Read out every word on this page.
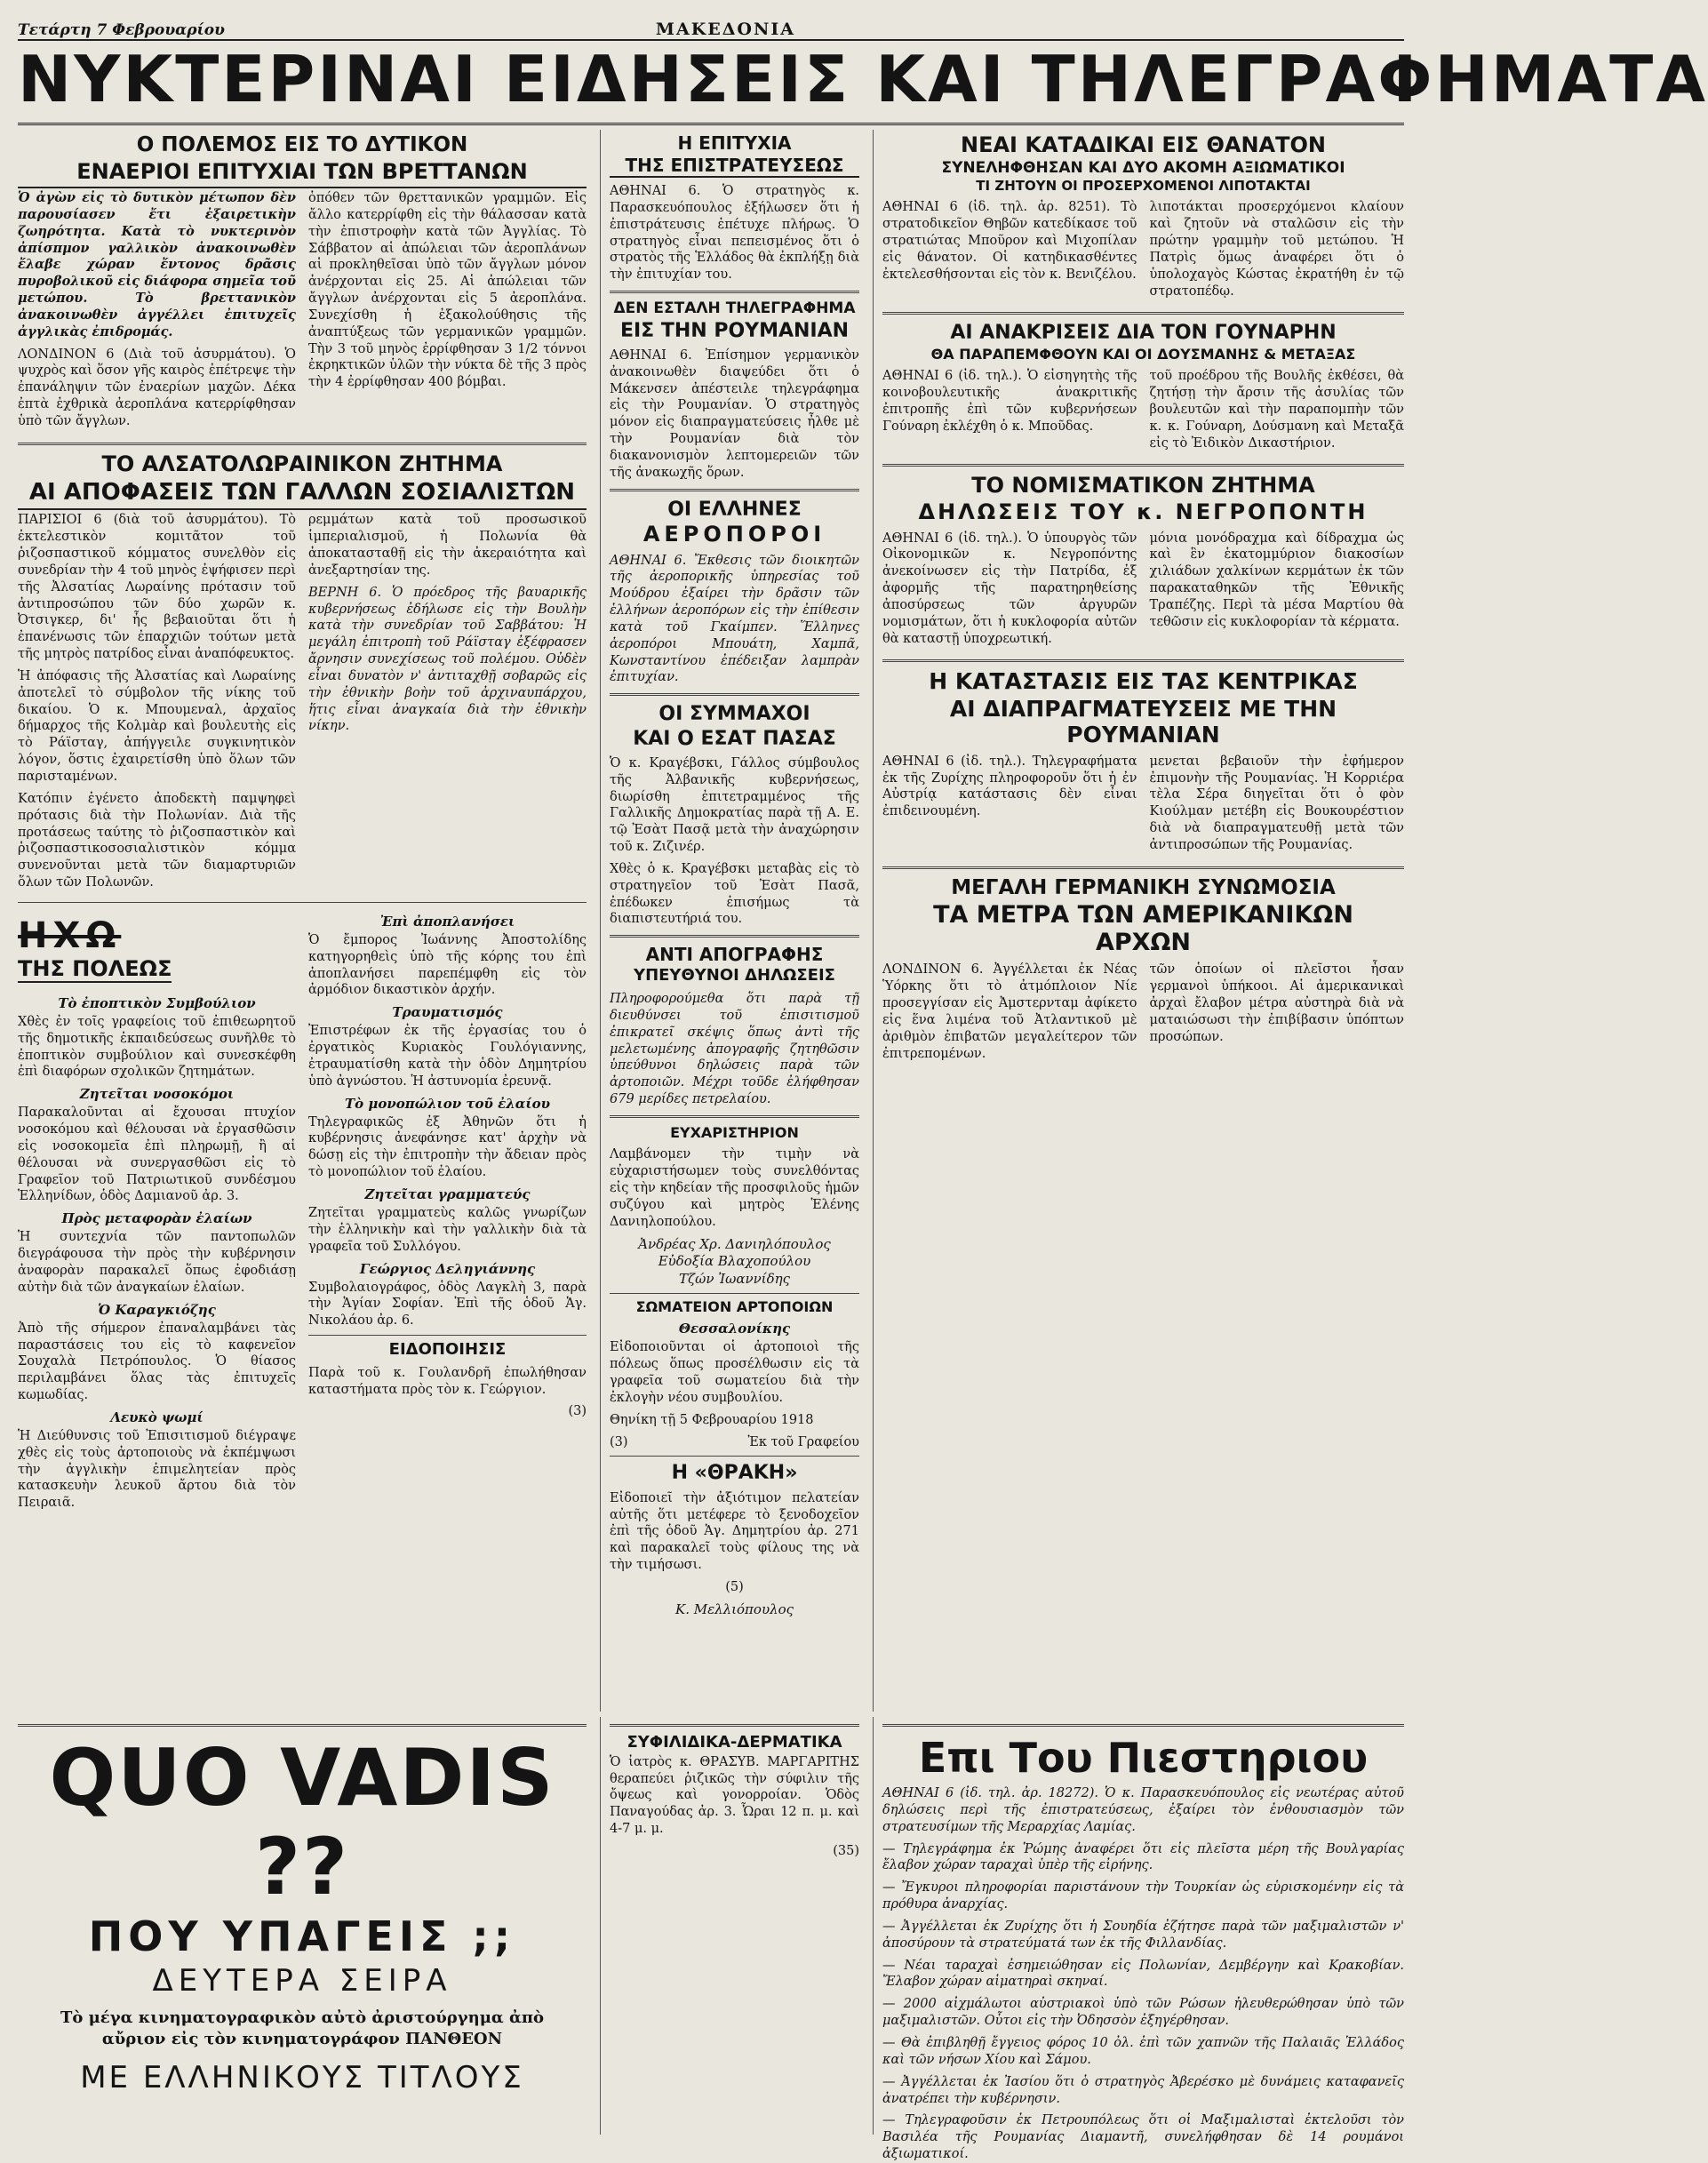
Τετάρτη 7 Φεβρουαρίου	ΜΑΚΕΔΟΝΙΑ
ΝΥΚΤΕΡΙΝΑΙ ΕΙΔΗΣΕΙΣ ΚΑΙ ΤΗΛΕΓΡΑΦΗΜΑΤΑ
Ο ΠΟΛΕΜΟΣ ΕΙΣ ΤΟ ΔΥΤΙΚΟΝ
ΕΝΑΕΡΙΟΙ ΕΠΙΤΥΧΙΑΙ ΤΩΝ ΒΡΕΤΤΑΝΩΝ

Ὁ ἀγὼν εἰς τὸ δυτικὸν μέτωπον δὲν παρουσίασεν ἔτι ἐξαιρετικὴν ζωηρότητα. Κατὰ τὸ νυκτερινὸν ἀπίσπμον γαλλικὸν ἀνακοινωθὲν ἔλαβε χώραν ἔντονος δρᾶσις πυροβολικοῦ εἰς διάφορα σημεῖα τοῦ μετώπου. Τὸ βρεττανικὸν ἀνακοινωθὲν ἀγγέλλει ἐπιτυχεῖς ἀγγλικὰς ἐπιδρομάς.

ΛΟΝΔΙΝΟΝ 6 (Διὰ τοῦ ἀσυρμάτου). Ὁ ψυχρὸς καὶ ὅσον γῆς καιρὸς ἐπέτρεψε τὴν ἐπανάληψιν τῶν ἐναερίων μαχῶν. Δέκα ἐπτὰ ἐχθρικὰ ἀεροπλάνα κατερρίφθησαν ὑπὸ τῶν ἄγγλων.

ὁπόθεν τῶν θρεττανικῶν γραμμῶν. Εἰς ἄλλο κατερρίφθη εἰς τὴν θάλασσαν κατὰ τὴν ἐπιστροφὴν κατὰ τῶν Ἀγγλίας. Τὸ Σάββατον αἱ ἀπώλειαι τῶν ἀεροπλάνων αἱ προκληθεῖσαι ὑπὸ τῶν ἄγγλων μόνον ἀνέρχονται εἰς 25. Αἱ ἀπώλειαι τῶν ἄγγλων ἀνέρχονται εἰς 5 ἀεροπλάνα. Συνεχίσθη ἡ ἐξακολούθησις τῆς ἀναπτύξεως τῶν γερμανικῶν γραμμῶν. Τὴν 3 τοῦ μηνὸς ἐρρίφθησαν 3 1/2 τόννοι ἐκρηκτικῶν ὑλῶν τὴν νύκτα δὲ τῆς 3 πρὸς τὴν 4 ἐρρίφθησαν 400 βόμβαι.

ΤΟ ΑΛΣΑΤΟΛΩΡΑΙΝΙΚΟΝ ΖΗΤΗΜΑ
ΑΙ ΑΠΟΦΑΣΕΙΣ ΤΩΝ ΓΑΛΛΩΝ ΣΟΣΙΑΛΙΣΤΩΝ

ΠΑΡΙΣΙΟΙ 6 (διὰ τοῦ ἀσυρμάτου). Τὸ ἐκτελεστικὸν κομιτᾶτον τοῦ ῥιζοσπαστικοῦ κόμματος συνελθὸν εἰς συνεδρίαν τὴν 4 τοῦ μηνὸς ἐψήφισεν περὶ τῆς Ἀλσατίας Λωραίνης πρότασιν τοῦ ἀντιπροσώπου τῶν δύο χωρῶν κ. Ὀτσιγκερ, δι' ἧς βεβαιοῦται ὅτι ἡ ἐπανένωσις τῶν ἐπαρχιῶν τούτων μετὰ τῆς μητρὸς πατρίδος εἶναι ἀναπόφευκτος.

Ἡ ἀπόφασις τῆς Ἀλσατίας καὶ Λωραίνης ἀποτελεῖ τὸ σύμβολον τῆς νίκης τοῦ δικαίου. Ὁ κ. Μπουμεναλ, ἀρχαῖος δήμαρχος τῆς Κολμὰρ καὶ βουλευτὴς εἰς τὸ Ράϊσταγ, ἀπήγγειλε συγκινητικὸν λόγον, ὅστις ἐχαιρετίσθη ὑπὸ ὅλων τῶν παρισταμένων.

Κατόπιν ἐγένετο ἀποδεκτὴ παμψηφεὶ πρότασις διὰ τὴν Πολωνίαν. Διὰ τῆς προτάσεως ταύτης τὸ ῥιζοσπαστικὸν καὶ ῥιζοσπαστικοσοσιαλιστικὸν κόμμα συνενοῦνται μετὰ τῶν διαμαρτυριῶν ὅλων τῶν Πολωνῶν.

ρεμμάτων κατὰ τοῦ προσωσικοῦ ἱμπεριαλισμοῦ, ἡ Πολωνία θὰ ἀποκατασταθῇ εἰς τὴν ἀκεραιότητα καὶ ἀνεξαρτησίαν της.

ΒΕΡΝΗ 6. Ὁ πρόεδρος τῆς βαυαρικῆς κυβερνήσεως ἐδήλωσε εἰς τὴν Βουλὴν κατὰ τὴν συνεδρίαν τοῦ Σαββάτου: Ἡ μεγάλη ἐπιτροπὴ τοῦ Ράϊσταγ ἐξέφρασεν ἄρνησιν συνεχίσεως τοῦ πολέμου. Οὐδὲν εἶναι δυνατὸν ν' ἀντιταχθῇ σοβαρῶς εἰς τὴν ἐθνικὴν βοὴν τοῦ ἀρχιναυπάρχου, ἥτις εἶναι ἀναγκαία διὰ τὴν ἐθνικὴν νίκην.

ΗΧΩ
ΤΗΣ ΠΟΛΕΩΣ
Τὸ ἐποπτικὸν Συμβούλιον

Χθὲς ἐν τοῖς γραφείοις τοῦ ἐπιθεωρητοῦ τῆς δημοτικῆς ἐκπαιδεύσεως συνῆλθε τὸ ἐποπτικὸν συμβούλιον καὶ συνεσκέφθη ἐπὶ διαφόρων σχολικῶν ζητημάτων.

Ζητεῖται νοσοκόμοι

Παρακαλοῦνται αἱ ἔχουσαι πτυχίον νοσοκόμου καὶ θέλουσαι νὰ ἐργασθῶσιν εἰς νοσοκομεῖα ἐπὶ πληρωμῇ, ἢ αἱ θέλουσαι νὰ συνεργασθῶσι εἰς τὸ Γραφεῖον τοῦ Πατριωτικοῦ συνδέσμου Ἑλληνίδων, ὁδὸς Δαμιανοῦ ἀρ. 3.

Πρὸς μεταφορὰν ἐλαίων

Ἡ συντεχνία τῶν παντοπωλῶν διεγράφουσα τὴν πρὸς τὴν κυβέρνησιν ἀναφορὰν παρακαλεῖ ὅπως ἐφοδιάσῃ αὐτὴν διὰ τῶν ἀναγκαίων ἐλαίων.

Ὁ Καραγκιόζης

Ἀπὸ τῆς σήμερον ἐπαναλαμβάνει τὰς παραστάσεις του εἰς τὸ καφενεῖον Σουχαλὰ Πετρόπουλος. Ὁ θίασος περιλαμβάνει ὅλας τὰς ἐπιτυχεῖς κωμωδίας.

Λευκὸ ψωμί

Ἡ Διεύθυνσις τοῦ Ἐπισιτισμοῦ διέγραψε χθὲς εἰς τοὺς ἀρτοποιοὺς νὰ ἐκπέμψωσι τὴν ἀγγλικὴν ἐπιμελητείαν πρὸς κατασκευὴν λευκοῦ ἄρτου διὰ τὸν Πειραιᾶ.

Ἐπὶ ἀποπλανήσει

Ὁ ἔμπορος Ἰωάννης Ἀποστολίδης κατηγορηθεὶς ὑπὸ τῆς κόρης του ἐπὶ ἀποπλανήσει παρεπέμφθη εἰς τὸν ἀρμόδιον δικαστικὸν ἀρχήν.

Τραυματισμός

Ἐπιστρέφων ἐκ τῆς ἐργασίας του ὁ ἐργατικὸς Κυριακὸς Γουλόγιαννης, ἐτραυματίσθη κατὰ τὴν ὁδὸν Δημητρίου ὑπὸ ἀγνώστου. Ἡ ἀστυνομία ἐρευνᾷ.

Τὸ μονοπώλιον τοῦ ἐλαίου

Τηλεγραφικῶς ἐξ Ἀθηνῶν ὅτι ἡ κυβέρνησις ἀνεφάνησε κατ' ἀρχὴν νὰ δώσῃ εἰς τὴν ἐπιτροπὴν τὴν ἄδειαν πρὸς τὸ μονοπώλιον τοῦ ἐλαίου.

Ζητεῖται γραμματεύς

Ζητεῖται γραμματεὺς καλῶς γνωρίζων τὴν ἑλληνικὴν καὶ τὴν γαλλικὴν διὰ τὰ γραφεῖα τοῦ Συλλόγου.

Γεώργιος Δεληγιάννης

Συμβολαιογράφος, ὁδὸς Λαγκλὴ 3, παρὰ τὴν Ἁγίαν Σοφίαν. Ἐπὶ τῆς ὁδοῦ Ἁγ. Νικολάου ἀρ. 6.

ΕΙΔΟΠΟΙΗΣΙΣ

Παρὰ τοῦ κ. Γουλανδρῆ ἐπωλήθησαν καταστήματα πρὸς τὸν κ. Γεώργιον.

(3)

Η ΕΠΙΤΥΧΙΑ
ΤΗΣ ΕΠΙΣΤΡΑΤΕΥΣΕΩΣ

ΑΘΗΝΑΙ 6. Ὁ στρατηγὸς κ. Παρασκευόπουλος ἐξήλωσεν ὅτι ἡ ἐπιστράτευσις ἐπέτυχε πλήρως. Ὁ στρατηγὸς εἶναι πεπεισμένος ὅτι ὁ στρατὸς τῆς Ἑλλάδος θὰ ἐκπλήξῃ διὰ τὴν ἐπιτυχίαν του.

ΔΕΝ ΕΣΤΑΛΗ ΤΗΛΕΓΡΑΦΗΜΑ
ΕΙΣ ΤΗΝ ΡΟΥΜΑΝΙΑΝ

ΑΘΗΝΑΙ 6. Ἐπίσημον γερμανικὸν ἀνακοινωθὲν διαψεύδει ὅτι ὁ Μάκενσεν ἀπέστειλε τηλεγράφημα εἰς τὴν Ρουμανίαν. Ὁ στρατηγὸς μόνον εἰς διαπραγματεύσεις ἦλθε μὲ τὴν Ρουμανίαν διὰ τὸν διακανονισμὸν λεπτομερειῶν τῶν τῆς ἀνακωχῆς ὅρων.

ΟΙ ΕΛΛΗΝΕΣ
ΑΕΡΟΠΟΡΟΙ

ΑΘΗΝΑΙ 6. Ἔκθεσις τῶν διοικητῶν τῆς ἀεροπορικῆς ὑπηρεσίας τοῦ Μούδρου ἐξαίρει τὴν δρᾶσιν τῶν ἑλλήνων ἀεροπόρων εἰς τὴν ἐπίθεσιν κατὰ τοῦ Γκαίμπεν. Ἕλληνες ἀεροπόροι Μπουάτη, Χαμπᾶ, Κωνσταντίνου ἐπέδειξαν λαμπρὰν ἐπιτυχίαν.

ΟΙ ΣΥΜΜΑΧΟΙ
ΚΑΙ Ο ΕΣΑΤ ΠΑΣΑΣ

Ὁ κ. Κραγέβσκι, Γάλλος σύμβουλος τῆς Ἀλβανικῆς κυβερνήσεως, διωρίσθη ἐπιτετραμμένος τῆς Γαλλικῆς Δημοκρατίας παρὰ τῇ Α. Ε. τῷ Ἐσὰτ Πασᾷ μετὰ τὴν ἀναχώρησιν τοῦ κ. Ζιζινέρ.

Χθὲς ὁ κ. Κραγέβσκι μεταβὰς εἰς τὸ στρατηγεῖον τοῦ Ἐσὰτ Πασᾶ, ἐπέδωκεν ἐπισήμως τὰ διαπιστευτήριά του.

ΑΝΤΙ ΑΠΟΓΡΑΦΗΣ
ΥΠΕΥΘΥΝΟΙ ΔΗΛΩΣΕΙΣ

Πληροφορούμεθα ὅτι παρὰ τῇ διευθύνσει τοῦ ἐπισιτισμοῦ ἐπικρατεῖ σκέψις ὅπως ἀντὶ τῆς μελετωμένης ἀπογραφῆς ζητηθῶσιν ὑπεύθυνοι δηλώσεις παρὰ τῶν ἀρτοποιῶν. Μέχρι τοῦδε ἐλήφθησαν 679 μερίδες πετρελαίου.

ΕΥΧΑΡΙΣΤΗΡΙΟΝ

Λαμβάνομεν τὴν τιμὴν νὰ εὐχαριστήσωμεν τοὺς συνελθόντας εἰς τὴν κηδείαν τῆς προσφιλοῦς ἡμῶν συζύγου καὶ μητρὸς Ἑλένης Δανιηλοπούλου.

Ἀνδρέας Χρ. Δανιηλόπουλος

Εὐδοξία Βλαχοπούλου

Τζών Ἰωαννίδης

ΣΩΜΑΤΕΙΟΝ ΑΡΤΟΠΟΙΩΝ
Θεσσαλονίκης

Εἰδοποιοῦνται οἱ ἀρτοποιοὶ τῆς πόλεως ὅπως προσέλθωσιν εἰς τὰ γραφεῖα τοῦ σωματείου διὰ τὴν ἐκλογὴν νέου συμβουλίου.

Θηνίκη τῇ 5 Φεβρουαρίου 1918

(3)	Ἐκ τοῦ Γραφείου

Η «ΘΡΑΚΗ»

Εἰδοποιεῖ τὴν ἀξιότιμον πελατείαν αὐτῆς ὅτι μετέφερε τὸ ξενοδοχεῖον ἐπὶ τῆς ὁδοῦ Ἁγ. Δημητρίου ἀρ. 271 καὶ παρακαλεῖ τοὺς φίλους της νὰ τὴν τιμήσωσι.

(5)

Κ. Μελλιόπουλος

ΝΕΑΙ ΚΑΤΑΔΙΚΑΙ ΕΙΣ ΘΑΝΑΤΟΝ
ΣΥΝΕΛΗΦΘΗΣΑΝ ΚΑΙ ΔΥΟ ΑΚΟΜΗ ΑΞΙΩΜΑΤΙΚΟΙ
ΤΙ ΖΗΤΟΥΝ ΟΙ ΠΡΟΣΕΡΧΟΜΕΝΟΙ ΛΙΠΟΤΑΚΤΑΙ

ΑΘΗΝΑΙ 6 (ἰδ. τηλ. ἀρ. 8251). Τὸ στρατοδικεῖον Θηβῶν κατεδίκασε τοῦ στρατιώτας Μποῦρον καὶ Μιχοπίλαν εἰς θάνατον. Οἱ κατηδικασθέντες ἐκτελεσθήσονται εἰς τὸν κ. Βενιζέλου.

λιποτάκται προσερχόμενοι κλαίουν καὶ ζητοῦν νὰ σταλῶσιν εἰς τὴν πρώτην γραμμὴν τοῦ μετώπου. Ἡ Πατρὶς ὅμως ἀναφέρει ὅτι ὁ ὑπολοχαγὸς Κώστας ἐκρατήθη ἐν τῷ στρατοπέδῳ.

ΑΙ ΑΝΑΚΡΙΣΕΙΣ ΔΙΑ ΤΟΝ ΓΟΥΝΑΡΗΝ
ΘΑ ΠΑΡΑΠΕΜΦΘΟΥΝ ΚΑΙ ΟΙ ΔΟΥΣΜΑΝΗΣ & ΜΕΤΑΞΑΣ

ΑΘΗΝΑΙ 6 (ἰδ. τηλ.). Ὁ εἰσηγητὴς τῆς κοινοβουλευτικῆς ἀνακριτικῆς ἐπιτροπῆς ἐπὶ τῶν κυβερνήσεων Γούναρη ἐκλέχθη ὁ κ. Μποῦδας.

τοῦ προέδρου τῆς Βουλῆς ἐκθέσει, θὰ ζητήσῃ τὴν ἄρσιν τῆς ἀσυλίας τῶν βουλευτῶν καὶ τὴν παραπομπὴν τῶν κ. κ. Γούναρη, Δούσμανη καὶ Μεταξᾶ εἰς τὸ Ἐιδικὸν Δικαστήριον.

ΤΟ ΝΟΜΙΣΜΑΤΙΚΟΝ ΖΗΤΗΜΑ
ΔΗΛΩΣΕΙΣ ΤΟΥ κ. ΝΕΓΡΟΠΟΝΤΗ

ΑΘΗΝΑΙ 6 (ἰδ. τηλ.). Ὁ ὑπουργὸς τῶν Οἰκονομικῶν κ. Νεγροπόντης ἀνεκοίνωσεν εἰς τὴν Πατρίδα, ἐξ ἀφορμῆς τῆς παρατηρηθείσης ἀποσύρσεως τῶν ἀργυρῶν νομισμάτων, ὅτι ἡ κυκλοφορία αὐτῶν θὰ καταστῇ ὑποχρεωτική.

μόνια μονόδραχμα καὶ δίδραχμα ὡς καὶ ἓν ἑκατομμύριον διακοσίων χιλιάδων χαλκίνων κερμάτων ἐκ τῶν παρακαταθηκῶν τῆς Ἐθνικῆς Τραπέζης. Περὶ τὰ μέσα Μαρτίου θὰ τεθῶσιν εἰς κυκλοφορίαν τὰ κέρματα.

Η ΚΑΤΑΣΤΑΣΙΣ ΕΙΣ ΤΑΣ ΚΕΝΤΡΙΚΑΣ
ΑΙ ΔΙΑΠΡΑΓΜΑΤΕΥΣΕΙΣ ΜΕ ΤΗΝ ΡΟΥΜΑΝΙΑΝ

ΑΘΗΝΑΙ 6 (ἰδ. τηλ.). Τηλεγραφήματα ἐκ τῆς Ζυρίχης πληροφοροῦν ὅτι ἡ ἐν Αὐστρίᾳ κατάστασις δὲν εἶναι ἐπιδεινουμένη.

μενεται βεβαιοῦν τὴν ἐφήμερον ἐπιμονὴν τῆς Ρουμανίας. Ἡ Κορριέρα τὲλα Σέρα διηγεῖται ὅτι ὁ φὸν Κιούλμαν μετέβη εἰς Βουκουρέστιον διὰ νὰ διαπραγματευθῇ μετὰ τῶν ἀντιπροσώπων τῆς Ρουμανίας.

ΜΕΓΑΛΗ ΓΕΡΜΑΝΙΚΗ ΣΥΝΩΜΟΣΙΑ
ΤΑ ΜΕΤΡΑ ΤΩΝ ΑΜΕΡΙΚΑΝΙΚΩΝ ΑΡΧΩΝ

ΛΟΝΔΙΝΟΝ 6. Ἀγγέλλεται ἐκ Νέας Ὑόρκης ὅτι τὸ ἀτμόπλοιον Νίε προσεγγίσαν εἰς Ἀμστερνταμ ἀφίκετο εἰς ἕνα λιμένα τοῦ Ἀτλαντικοῦ μὲ ἀριθμὸν ἐπιβατῶν μεγαλείτερον τῶν ἐπιτρεπομένων.

τῶν ὁποίων οἱ πλεῖστοι ἦσαν γερμανοὶ ὑπήκοοι. Αἱ ἀμερικανικαὶ ἀρχαὶ ἔλαβον μέτρα αὐστηρὰ διὰ νὰ ματαιώσωσι τὴν ἐπιβίβασιν ὑπόπτων προσώπων.

QUO VADIS ??
ΠΟΥ ΥΠΑΓΕΙΣ ;;
ΔΕΥΤΕΡΑ ΣΕΙΡΑ
Τὸ μέγα κινηματογραφικὸν αὐτὸ ἀριστούργημα ἀπὸ αὔριον εἰς τὸν κινηματογράφον ΠΑΝΘΕΟΝ
ΜΕ ΕΛΛΗΝΙΚΟΥΣ ΤΙΤΛΟΥΣ
ΣΥΦΙΛΙΔΙΚΑ-ΔΕΡΜΑΤΙΚΑ

Ὁ ἰατρὸς κ. ΘΡΑΣΥΒ. ΜΑΡΓΑΡΙΤΗΣ θεραπεύει ῥιζικῶς τὴν σύφιλιν τῆς ὄψεως καὶ γονορροίαν. Ὁδὸς Παναγούδας ἀρ. 3. Ὧραι 12 π. μ. καὶ 4-7 μ. μ.

(35)

Επι Του Πιεστηριου

ΑΘΗΝΑΙ 6 (ἰδ. τηλ. ἀρ. 18272). Ὁ κ. Παρασκευόπουλος εἰς νεωτέρας αὐτοῦ δηλώσεις περὶ τῆς ἐπιστρατεύσεως, ἐξαίρει τὸν ἐνθουσιασμὸν τῶν στρατευσίμων τῆς Μεραρχίας Λαμίας.

— Τηλεγράφημα ἐκ Ῥώμης ἀναφέρει ὅτι εἰς πλεῖστα μέρη τῆς Βουλγαρίας ἔλαβον χώραν ταραχαὶ ὑπὲρ τῆς εἰρήνης.

— Ἔγκυροι πληροφορίαι παριστάνουν τὴν Τουρκίαν ὡς εὑρισκομένην εἰς τὰ πρόθυρα ἀναρχίας.

— Ἀγγέλλεται ἐκ Ζυρίχης ὅτι ἡ Σουηδία ἐζήτησε παρὰ τῶν μαξιμαλιστῶν ν' ἀποσύρουν τὰ στρατεύματά των ἐκ τῆς Φιλλανδίας.

— Νέαι ταραχαὶ ἐσημειώθησαν εἰς Πολωνίαν, Δεμβέργην καὶ Κρακοβίαν. Ἔλαβον χώραν αἱματηραὶ σκηναί.

— 2000 αἰχμάλωτοι αὐστριακοὶ ὑπὸ τῶν Ρώσων ἠλευθερώθησαν ὑπὸ τῶν μαξιμαλιστῶν. Οὗτοι εἰς τὴν Ὀδησσὸν ἐξηγέρθησαν.

— Θὰ ἐπιβληθῇ ἔγγειος φόρος 10 ὀλ. ἐπὶ τῶν χαπνῶν τῆς Παλαιᾶς Ἑλλάδος καὶ τῶν νήσων Χίου καὶ Σάμου.

— Ἀγγέλλεται ἐκ Ἰασίου ὅτι ὁ στρατηγὸς Ἀβερέσκο μὲ δυνάμεις καταφανεῖς ἀνατρέπει τὴν κυβέρνησιν.

— Τηλεγραφοῦσιν ἐκ Πετρουπόλεως ὅτι οἱ Μαξιμαλισταὶ ἐκτελοῦσι τὸν Βασιλέα τῆς Ρουμανίας Διαμαντῆ, συνελήφθησαν δὲ 14 ρουμάνοι ἀξιωματικοί.
